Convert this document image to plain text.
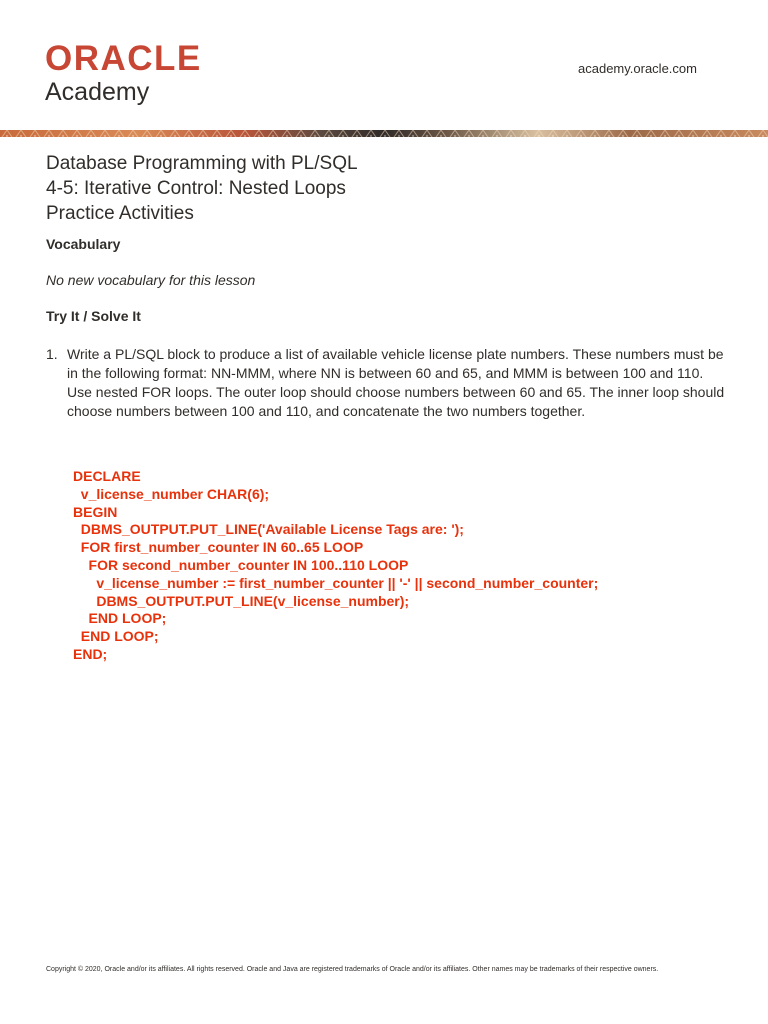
ORACLE
Academy
academy.oracle.com
Database Programming with PL/SQL
4-5: Iterative Control: Nested Loops
Practice Activities
Vocabulary
No new vocabulary for this lesson
Try It / Solve It
1. Write a PL/SQL block to produce a list of available vehicle license plate numbers. These numbers must be in the following format: NN-MMM, where NN is between 60 and 65, and MMM is between 100 and 110. Use nested FOR loops. The outer loop should choose numbers between 60 and 65. The inner loop should choose numbers between 100 and 110, and concatenate the two numbers together.
DECLARE
v_license_number CHAR(6);
BEGIN
DBMS_OUTPUT.PUT_LINE('Available License Tags are: ');
FOR first_number_counter IN 60..65 LOOP
FOR second_number_counter IN 100..110 LOOP
v_license_number := first_number_counter || '-' || second_number_counter;
DBMS_OUTPUT.PUT_LINE(v_license_number);
END LOOP;
END LOOP;
END;
Copyright © 2020, Oracle and/or its affiliates. All rights reserved. Oracle and Java are registered trademarks of Oracle and/or its affiliates. Other names may be trademarks of their respective owners.
